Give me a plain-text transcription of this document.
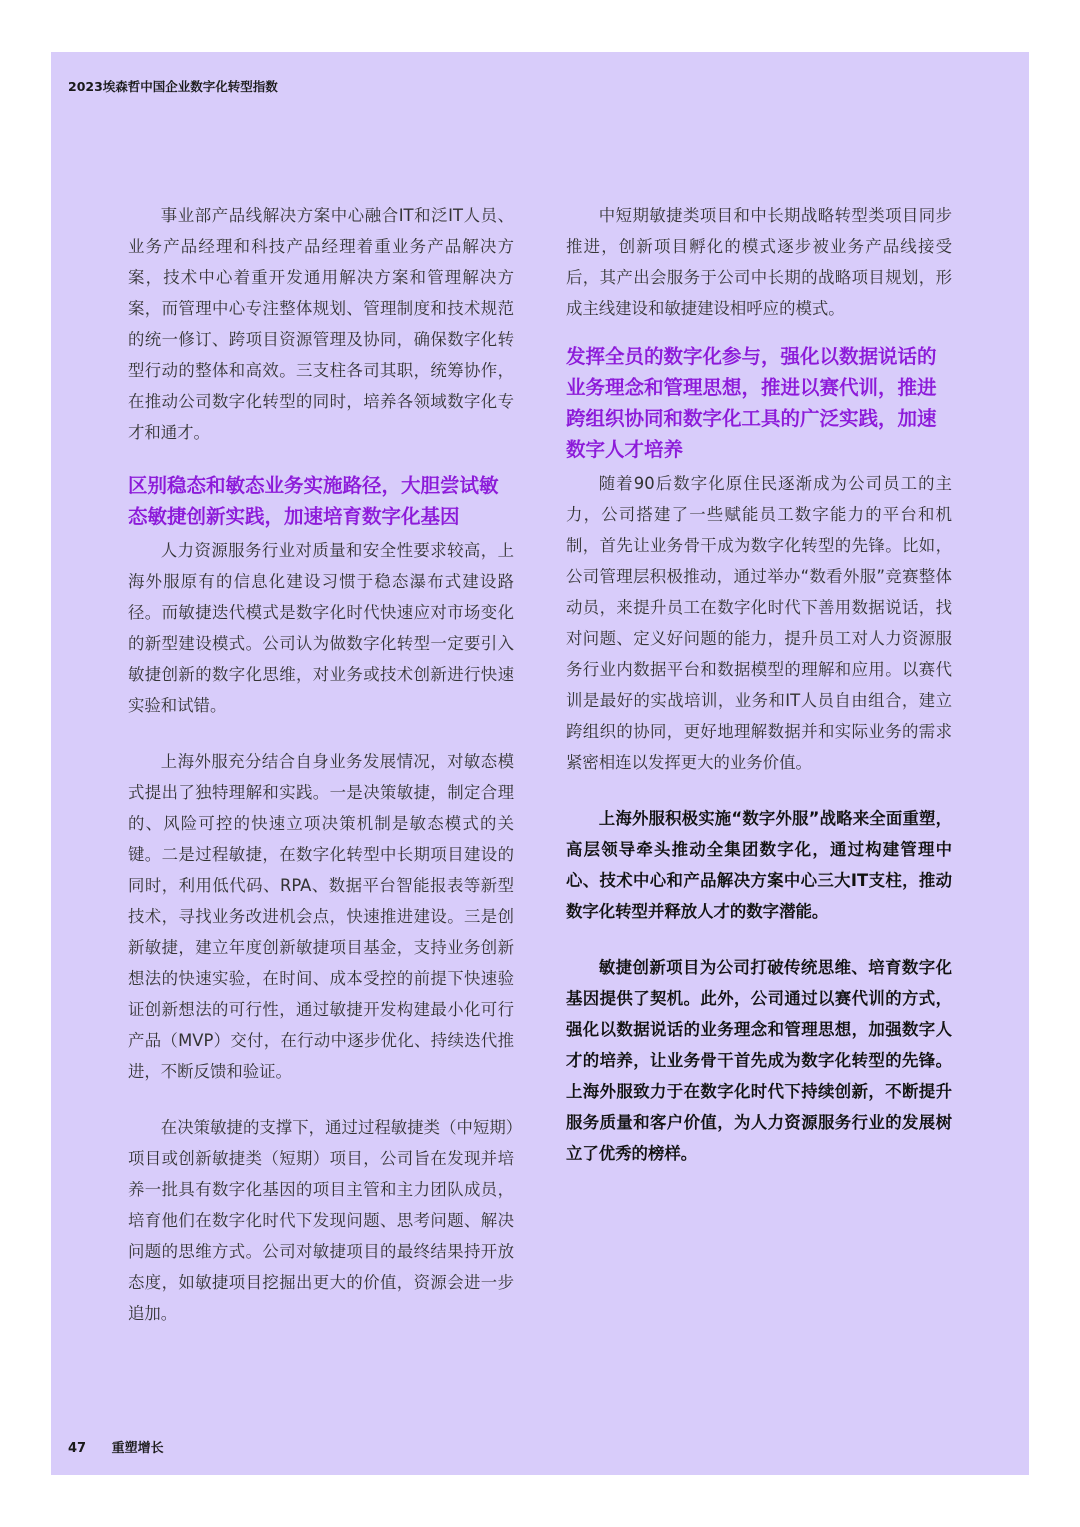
2023埃森哲中国企业数字化转型指数

事业部产品线解决方案中心融合IT和泛IT人员、业务产品经理和科技产品经理着重业务产品解决方案，技术中心着重开发通用解决方案和管理解决方案，而管理中心专注整体规划、管理制度和技术规范的统一修订、跨项目资源管理及协同，确保数字化转型行动的整体和高效。三支柱各司其职，统筹协作，在推动公司数字化转型的同时，培养各领域数字化专才和通才。

区别稳态和敏态业务实施路径，大胆尝试敏态敏捷创新实践，加速培育数字化基因

人力资源服务行业对质量和安全性要求较高，上海外服原有的信息化建设习惯于稳态瀑布式建设路径。而敏捷迭代模式是数字化时代快速应对市场变化的新型建设模式。公司认为做数字化转型一定要引入敏捷创新的数字化思维，对业务或技术创新进行快速实验和试错。

上海外服充分结合自身业务发展情况，对敏态模式提出了独特理解和实践。一是决策敏捷，制定合理的、风险可控的快速立项决策机制是敏态模式的关键。二是过程敏捷，在数字化转型中长期项目建设的同时，利用低代码、RPA、数据平台智能报表等新型技术，寻找业务改进机会点，快速推进建设。三是创新敏捷，建立年度创新敏捷项目基金，支持业务创新想法的快速实验，在时间、成本受控的前提下快速验证创新想法的可行性，通过敏捷开发构建最小化可行产品（MVP）交付，在行动中逐步优化、持续迭代推进，不断反馈和验证。

在决策敏捷的支撑下，通过过程敏捷类（中短期）项目或创新敏捷类（短期）项目，公司旨在发现并培养一批具有数字化基因的项目主管和主力团队成员，培育他们在数字化时代下发现问题、思考问题、解决问题的思维方式。公司对敏捷项目的最终结果持开放态度，如敏捷项目挖掘出更大的价值，资源会进一步追加。

中短期敏捷类项目和中长期战略转型类项目同步推进，创新项目孵化的模式逐步被业务产品线接受后，其产出会服务于公司中长期的战略项目规划，形成主线建设和敏捷建设相呼应的模式。

发挥全员的数字化参与，强化以数据说话的业务理念和管理思想，推进以赛代训，推进跨组织协同和数字化工具的广泛实践，加速数字人才培养

随着90后数字化原住民逐渐成为公司员工的主力，公司搭建了一些赋能员工数字能力的平台和机制，首先让业务骨干成为数字化转型的先锋。比如，公司管理层积极推动，通过举办“数看外服”竞赛整体动员，来提升员工在数字化时代下善用数据说话，找对问题、定义好问题的能力，提升员工对人力资源服务行业内数据平台和数据模型的理解和应用。以赛代训是最好的实战培训，业务和IT人员自由组合，建立跨组织的协同，更好地理解数据并和实际业务的需求紧密相连以发挥更大的业务价值。

上海外服积极实施“数字外服”战略来全面重塑，高层领导牵头推动全集团数字化，通过构建管理中心、技术中心和产品解决方案中心三大IT支柱，推动数字化转型并释放人才的数字潜能。

敏捷创新项目为公司打破传统思维、培育数字化基因提供了契机。此外，公司通过以赛代训的方式，强化以数据说话的业务理念和管理思想，加强数字人才的培养，让业务骨干首先成为数字化转型的先锋。上海外服致力于在数字化时代下持续创新，不断提升服务质量和客户价值，为人力资源服务行业的发展树立了优秀的榜样。

47 重塑增长
